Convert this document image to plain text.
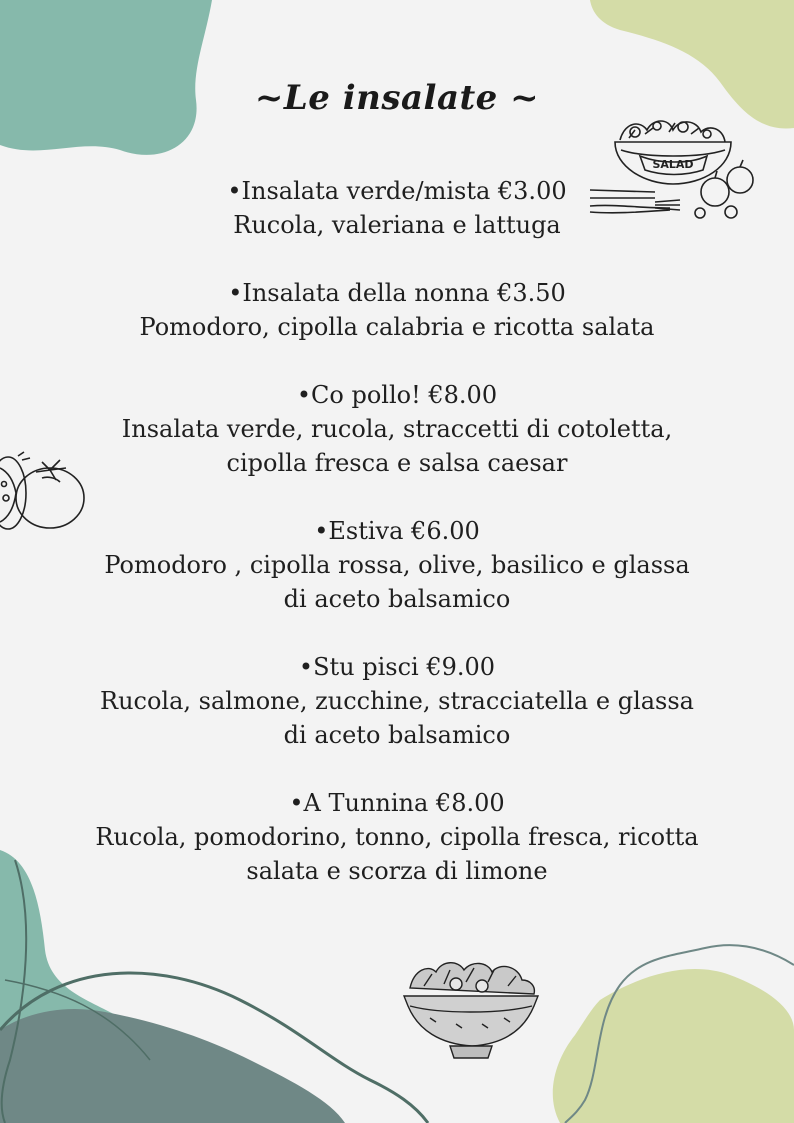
~Le insalate ~
•Insalata verde/mista €3.00
Rucola, valeriana e lattuga
•Insalata della nonna €3.50
Pomodoro, cipolla calabria e ricotta salata
•Co pollo! €8.00
Insalata verde, rucola, straccetti di cotoletta,
cipolla fresca e salsa caesar
•Estiva €6.00
Pomodoro , cipolla rossa, olive, basilico e glassa
di aceto balsamico
•Stu pisci €9.00
Rucola, salmone, zucchine, stracciatella e glassa
di aceto balsamico
•A Tunnina €8.00
Rucola, pomodorino, tonno, cipolla fresca, ricotta
salata e scorza di limone
SALAD
